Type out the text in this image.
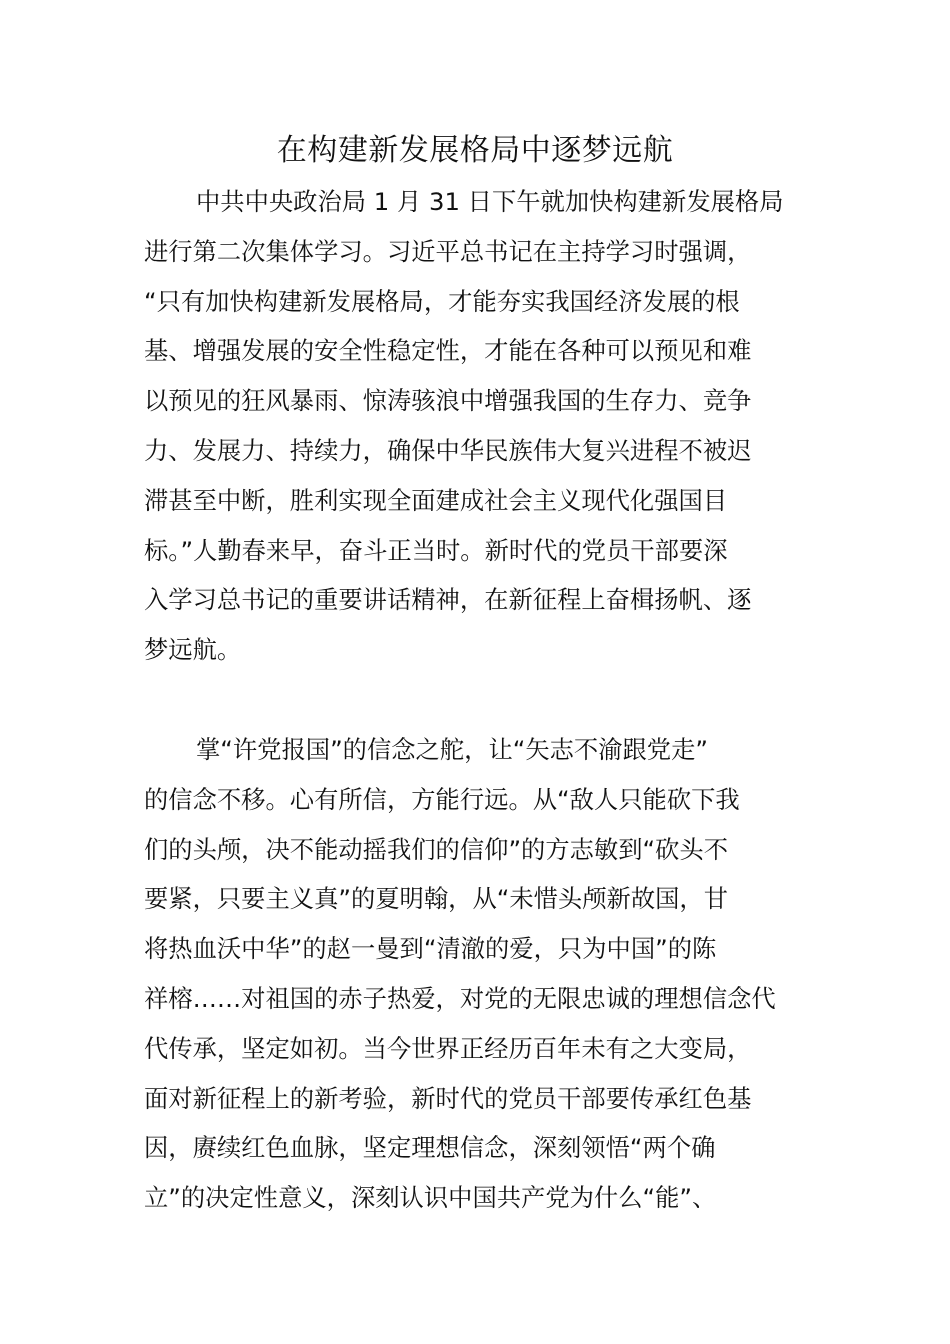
在构建新发展格局中逐梦远航
中共中央政治局 1 月 31 日下午就加快构建新发展格局
进行第二次集体学习。习近平总书记在主持学习时强调，
“只有加快构建新发展格局，才能夯实我国经济发展的根
基、增强发展的安全性稳定性，才能在各种可以预见和难
以预见的狂风暴雨、惊涛骇浪中增强我国的生存力、竞争
力、发展力、持续力，确保中华民族伟大复兴进程不被迟
滞甚至中断，胜利实现全面建成社会主义现代化强国目
标。”人勤春来早，奋斗正当时。新时代的党员干部要深
入学习总书记的重要讲话精神，在新征程上奋楫扬帆、逐
梦远航。
掌“许党报国”的信念之舵，让“矢志不渝跟党走”
的信念不移。心有所信，方能行远。从“敌人只能砍下我
们的头颅，决不能动摇我们的信仰”的方志敏到“砍头不
要紧，只要主义真”的夏明翰，从“未惜头颅新故国，甘
将热血沃中华”的赵一曼到“清澈的爱，只为中国”的陈
祥榕……对祖国的赤子热爱，对党的无限忠诚的理想信念代
代传承，坚定如初。当今世界正经历百年未有之大变局，
面对新征程上的新考验，新时代的党员干部要传承红色基
因，赓续红色血脉，坚定理想信念，深刻领悟“两个确
立”的决定性意义，深刻认识中国共产党为什么“能”、
